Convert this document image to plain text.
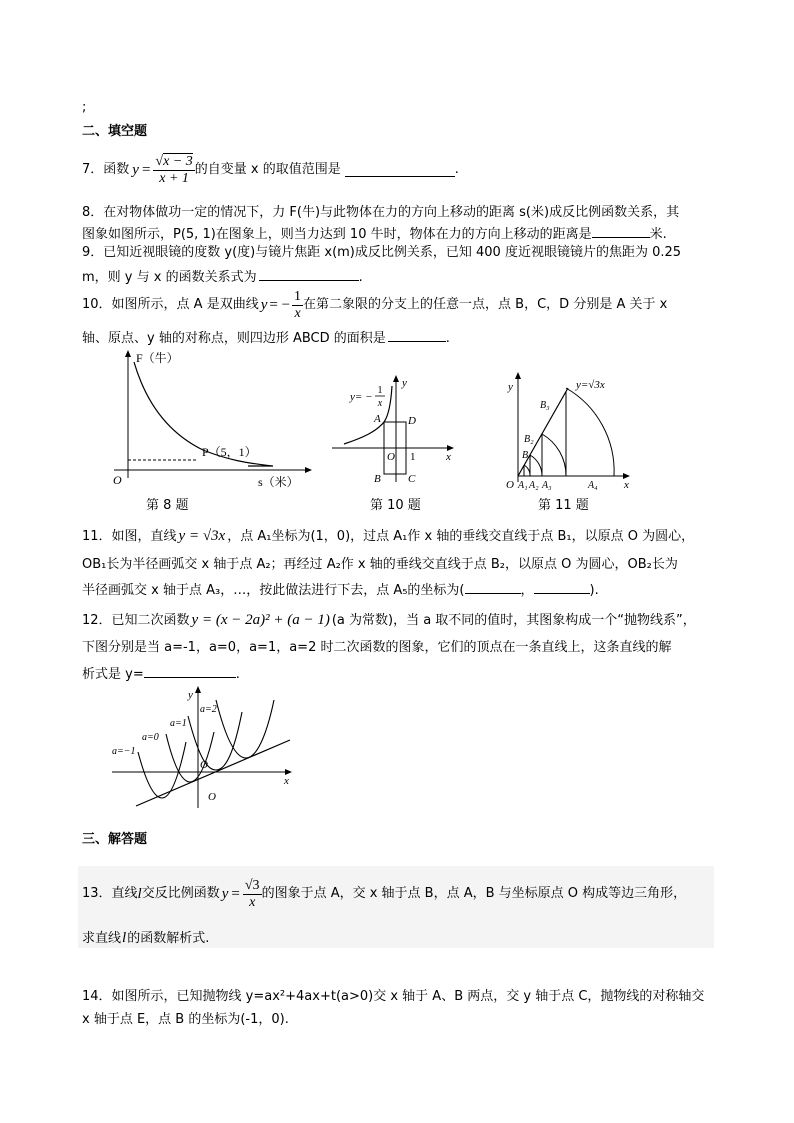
;
二、填空题
7．函数 $y = \frac{√x - 3}{x + 1}$ 的自变量 x 的取值范围是	.
8．在对物体做功一定的情况下，力 F(牛)与此物体在力的方向上移动的距离 s(米)成反比例函数关系，其
图象如图所示，P(5, 1)在图象上，则当力达到 10 牛时，物体在力的方向上移动的距离是	米.
9．已知近视眼镜的度数 y(度)与镜片焦距 x(m)成反比例关系，已知 400 度近视眼镜镜片的焦距为 0.25
m，则 y 与 x 的函数关系式为	.
10．如图所示，点 A 是双曲线 y = − $\frac{1}{x}$ 在第二象限的分支上的任意一点，点 B，C，D 分别是 A 关于 x
轴、原点、y 轴的对称点，则四边形 ABCD 的面积是	.
F（牛）
O
P（5，1）
s（米）
第 8 题
y= −
1
x
A D
O 1
B C
x
y
第 10 题
y=√3x
y
x
O A₁ A₂ A₃	A₄
B₁
B₂
B₃
第 11 题
11．如图，直线 y = √3x ，点 A₁坐标为(1，0)，过点 A₁作 x 轴的垂线交直线于点 B₁，以原点 O 为圆心，
OB₁长为半径画弧交 x 轴于点 A₂；再经过 A₂作 x 轴的垂线交直线于点 B₂，以原点 O 为圆心，OB₂长为
半径画弧交 x 轴于点 A₃，…，按此做法进行下去，点 A₅的坐标为(	，	).
12．已知二次函数 y = (x − 2a)² + (a − 1) (a 为常数)，当 a 取不同的值时，其图象构成一个“抛物线系”，
下图分别是当 a=-1，a=0，a=1，a=2 时二次函数的图象，它们的顶点在一条直线上，这条直线的解
析式是 y=	.
y
x
O
O
a=−1
a=0
a=1
a=2
三、解答题
13．直线 l 交反比例函数 $y = \frac{√3}{x}$ 的图象于点 A，交 x 轴于点 B，点 A，B 与坐标原点 O 构成等边三角形，
求直线l的函数解析式.
14．如图所示，已知抛物线 y=ax²+4ax+t(a>0)交 x 轴于 A、B 两点，交 y 轴于点 C，抛物线的对称轴交
x 轴于点 E，点 B 的坐标为(-1，0).
